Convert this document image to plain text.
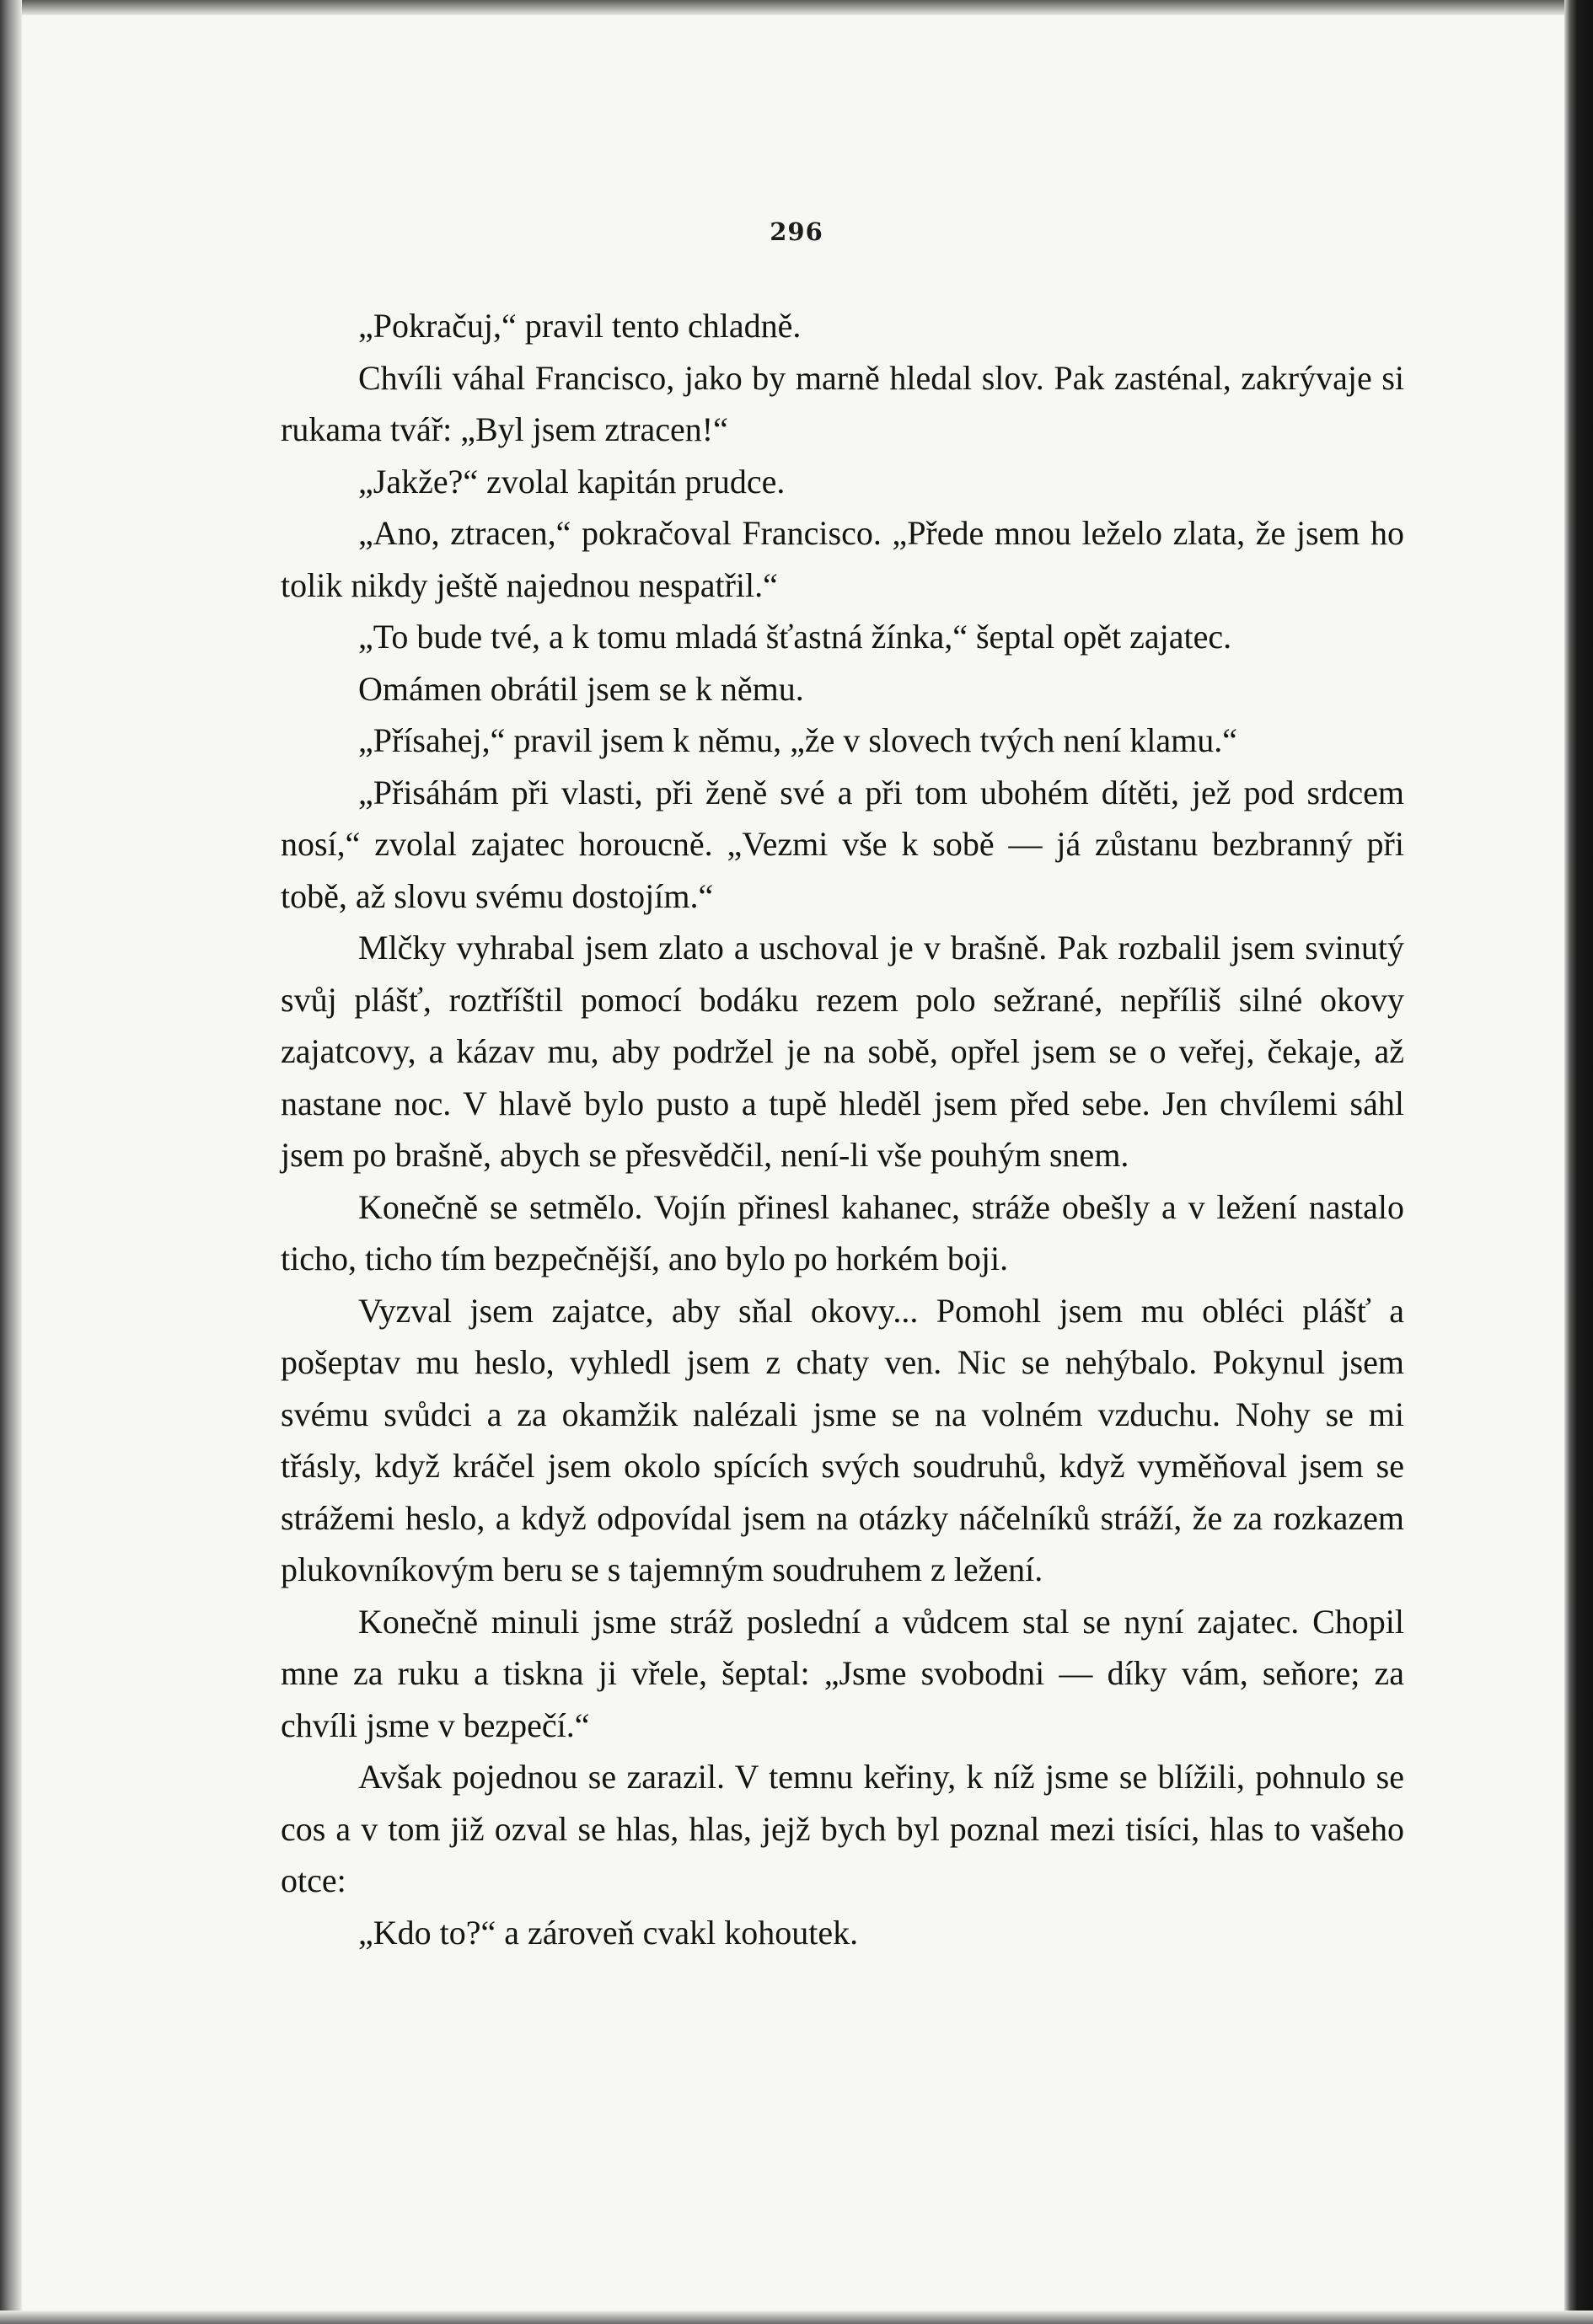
296

„Pokračuj,“ pravil tento chladně.

Chvíli váhal Francisco, jako by marně hledal slov. Pak zasténal, zakrývaje si rukama tvář: „Byl jsem ztracen!“

„Jakže?“ zvolal kapitán prudce.

„Ano, ztracen,“ pokračoval Francisco. „Přede mnou leželo zlata, že jsem ho tolik nikdy ještě najednou nespatřil.“

„To bude tvé, a k tomu mladá šťastná žínka,“ šeptal opět zajatec.

Omámen obrátil jsem se k němu.

„Přísahej,“ pravil jsem k němu, „že v slovech tvých není klamu.“

„Přisáhám při vlasti, při ženě své a při tom ubohém dítěti, jež pod srdcem nosí,“ zvolal zajatec horoucně. „Vezmi vše k sobě — já zůstanu bezbranný při tobě, až slovu svému dostojím.“

Mlčky vyhrabal jsem zlato a uschoval je v brašně. Pak rozbalil jsem svinutý svůj plášť, roztříštil pomocí bodáku rezem polo sežrané, nepříliš silné okovy zajatcovy, a kázav mu, aby podržel je na sobě, opřel jsem se o veřej, čekaje, až nastane noc. V hlavě bylo pusto a tupě hleděl jsem před sebe. Jen chvílemi sáhl jsem po brašně, abych se přesvědčil, není-li vše pouhým snem.

Konečně se setmělo. Vojín přinesl kahanec, stráže obešly a v ležení nastalo ticho, ticho tím bezpečnější, ano bylo po horkém boji.

Vyzval jsem zajatce, aby sňal okovy... Pomohl jsem mu obléci plášť a pošeptav mu heslo, vyhledl jsem z chaty ven. Nic se nehýbalo. Pokynul jsem svému svůdci a za okamžik nalézali jsme se na volném vzduchu. Nohy se mi třásly, když kráčel jsem okolo spících svých soudruhů, když vyměňoval jsem se strážemi heslo, a když odpovídal jsem na otázky náčelníků stráží, že za rozkazem plukovníkovým beru se s tajemným soudruhem z ležení.

Konečně minuli jsme stráž poslední a vůdcem stal se nyní zajatec. Chopil mne za ruku a tiskna ji vřele, šeptal: „Jsme svobodni — díky vám, seňore; za chvíli jsme v bezpečí.“

Avšak pojednou se zarazil. V temnu keřiny, k níž jsme se blížili, pohnulo se cos a v tom již ozval se hlas, hlas, jejž bych byl poznal mezi tisíci, hlas to vašeho otce:

„Kdo to?“ a zároveň cvakl kohoutek.
